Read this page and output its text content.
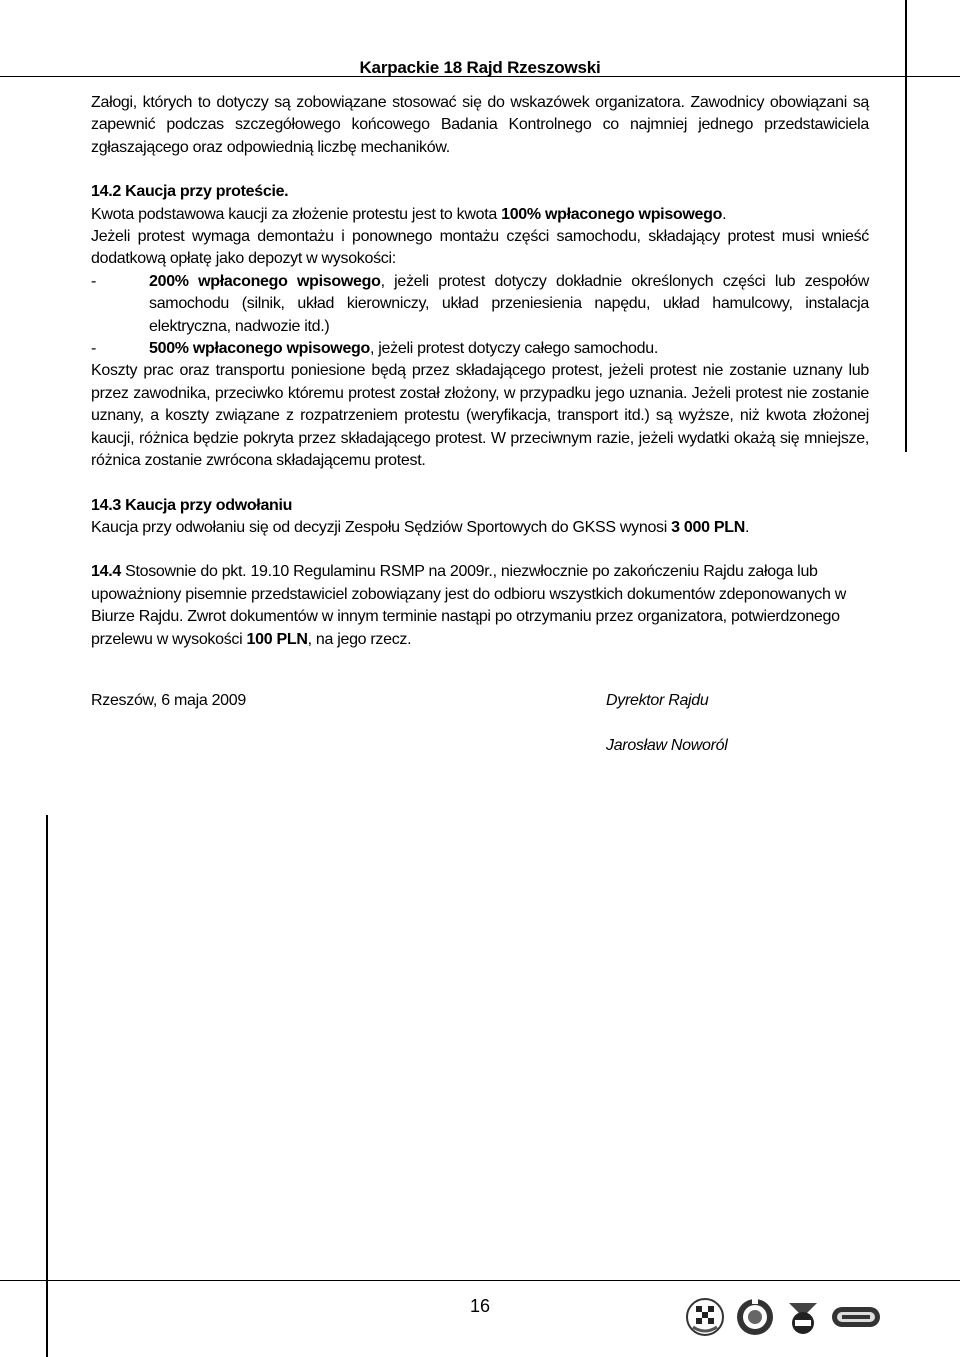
Karpackie 18 Rajd Rzeszowski

Załogi, których to dotyczy są zobowiązane stosować się do wskazówek organizatora. Zawodnicy obowiązani są zapewnić podczas szczegółowego końcowego Badania Kontrolnego co najmniej jednego przedstawiciela zgłaszającego oraz odpowiednią liczbę mechaników.

14.2 Kaucja przy proteście.

Kwota podstawowa kaucji za złożenie protestu jest to kwota 100% wpłaconego wpisowego.

Jeżeli protest wymaga demontażu i ponownego montażu części samochodu, składający protest musi wnieść dodatkową opłatę jako depozyt w wysokości:

-	200% wpłaconego wpisowego, jeżeli protest dotyczy dokładnie określonych części lub zespołów samochodu (silnik, układ kierowniczy, układ przeniesienia napędu, układ hamulcowy, instalacja elektryczna, nadwozie itd.)
-	500% wpłaconego wpisowego, jeżeli protest dotyczy całego samochodu.

Koszty prac oraz transportu poniesione będą przez składającego protest, jeżeli protest nie zostanie uznany lub przez zawodnika, przeciwko któremu protest został złożony, w przypadku jego uznania. Jeżeli protest nie zostanie uznany, a koszty związane z rozpatrzeniem protestu (weryfikacja, transport itd.) są wyższe, niż kwota złożonej kaucji, różnica będzie pokryta przez składającego protest. W przeciwnym razie, jeżeli wydatki okażą się mniejsze, różnica zostanie zwrócona składającemu protest.

14.3 Kaucja przy odwołaniu

Kaucja przy odwołaniu się od decyzji Zespołu Sędziów Sportowych do GKSS wynosi 3 000 PLN.

14.4 Stosownie do pkt. 19.10 Regulaminu RSMP na 2009r., niezwłocznie po zakończeniu Rajdu załoga lub upoważniony pisemnie przedstawiciel zobowiązany jest do odbioru wszystkich dokumentów zdeponowanych w Biurze Rajdu. Zwrot dokumentów w innym terminie nastąpi po otrzymaniu przez organizatora, potwierdzonego przelewu w wysokości 100 PLN, na jego rzecz.

Rzeszów, 6 maja 2009	Dyrektor Rajdu
Jarosław Noworól
16
